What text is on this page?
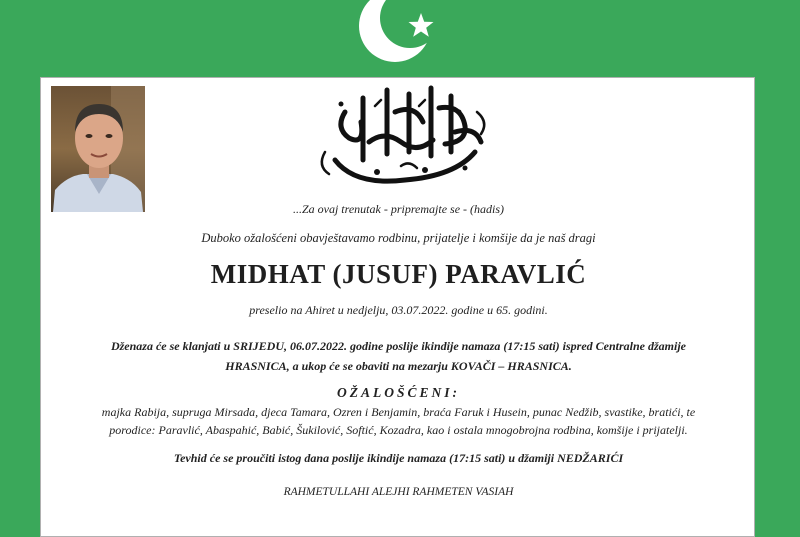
...Za ovaj trenutak - pripremajte se - (hadis)
Duboko ožalošćeni obavještavamo rodbinu, prijatelje i komšije da je naš dragi
MIDHAT (JUSUF) PARAVLIĆ
preselio na Ahiret u nedjelju, 03.07.2022. godine u 65. godini.
Dženaza će se klanjati u SRIJEDU, 06.07.2022. godine poslije ikindije namaza (17:15 sati) ispred Centralne džamije
HRASNICA, a ukop će se obaviti na mezarju KOVAČI – HRASNICA.
OŽALOŠĆENI:
majka Rabija, supruga Mirsada, djeca Tamara, Ozren i Benjamin, braća Faruk i Husein, punac Nedžib, svastike, bratići, te
porodice: Paravlić, Abaspahić, Babić, Šukilović, Softić, Kozadra, kao i ostala mnogobrojna rodbina, komšije i prijatelji.
Tevhid će se proučiti istog dana poslije ikindije namaza (17:15 sati) u džamiji NEDŽARIĆI
RAHMETULLAHI ALEJHI RAHMETEN VASIAH
